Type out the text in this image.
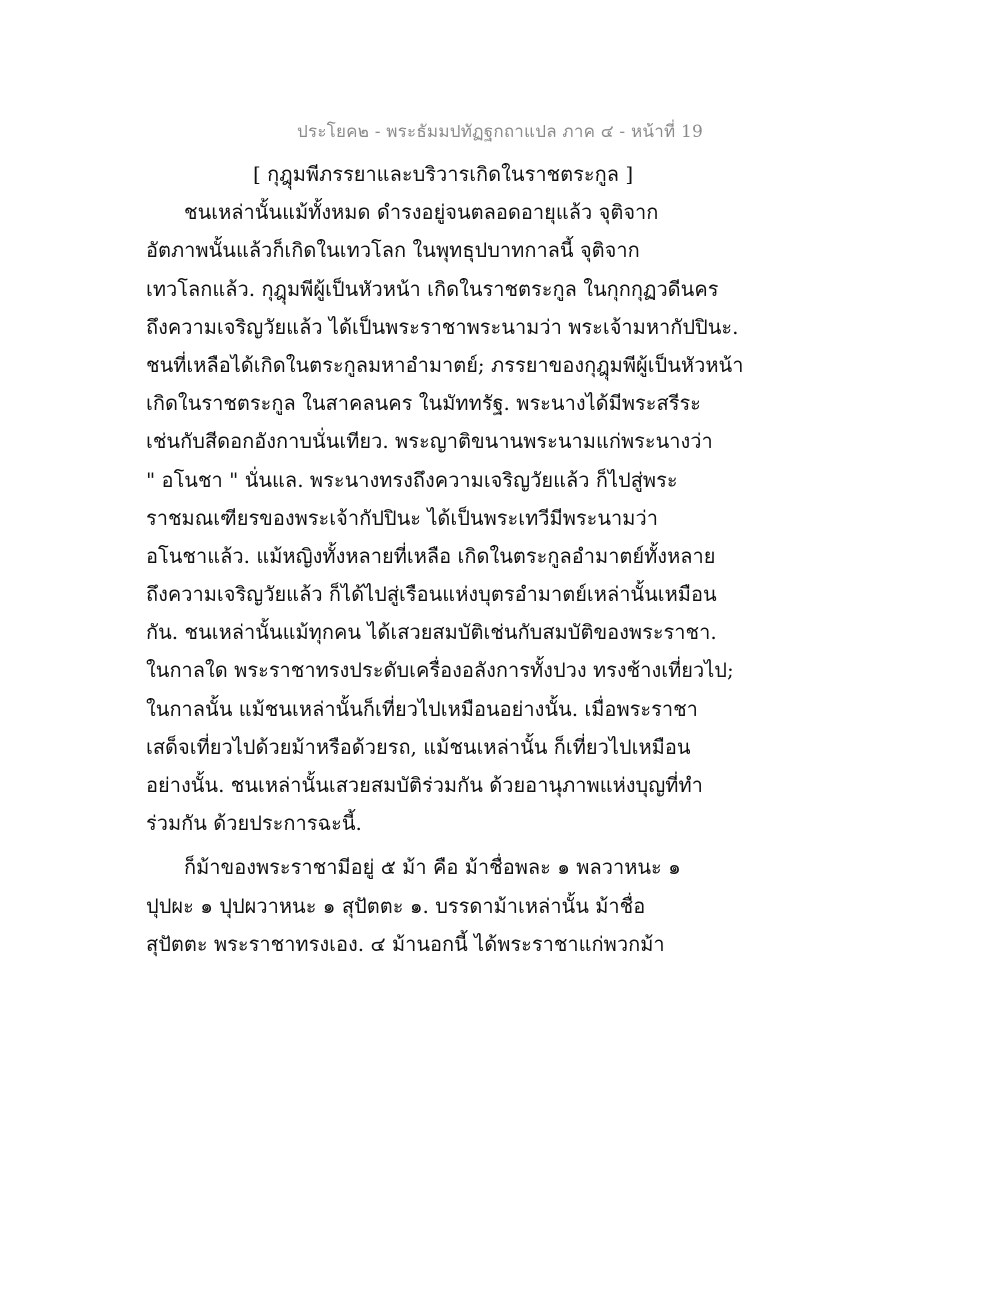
ประโยค๒ - พระธัมมปทัฏฐกถาแปล ภาค ๔ - หน้าที่ 19
[ กุฎุมพีภรรยาและบริวารเกิดในราชตระกูล ]
ชนเหล่านั้นแม้ทั้งหมด ดำรงอยู่จนตลอดอายุแล้ว จุติจาก
อัตภาพนั้นแล้วก็เกิดในเทวโลก ในพุทธุปบาทกาลนี้ จุติจาก
เทวโลกแล้ว. กุฎุมพีผู้เป็นหัวหน้า เกิดในราชตระกูล ในกุกกุฏวดีนคร
ถึงความเจริญวัยแล้ว ได้เป็นพระราชาพระนามว่า พระเจ้ามหากัปปินะ.
ชนที่เหลือได้เกิดในตระกูลมหาอำมาตย์; ภรรยาของกุฎุมพีผู้เป็นหัวหน้า
เกิดในราชตระกูล ในสาคลนคร ในมัททรัฐ. พระนางได้มีพระสรีระ
เช่นกับสีดอกอังกาบนั่นเทียว. พระญาติขนานพระนามแก่พระนางว่า
" อโนชา " นั่นแล. พระนางทรงถึงความเจริญวัยแล้ว ก็ไปสู่พระ
ราชมณเฑียรของพระเจ้ากัปปินะ ได้เป็นพระเทวีมีพระนามว่า
อโนชาแล้ว. แม้หญิงทั้งหลายที่เหลือ เกิดในตระกูลอำมาตย์ทั้งหลาย
ถึงความเจริญวัยแล้ว ก็ได้ไปสู่เรือนแห่งบุตรอำมาตย์เหล่านั้นเหมือน
กัน. ชนเหล่านั้นแม้ทุกคน ได้เสวยสมบัติเช่นกับสมบัติของพระราชา.
ในกาลใด พระราชาทรงประดับเครื่องอลังการทั้งปวง ทรงช้างเที่ยวไป;
ในกาลนั้น แม้ชนเหล่านั้นก็เที่ยวไปเหมือนอย่างนั้น. เมื่อพระราชา
เสด็จเที่ยวไปด้วยม้าหรือด้วยรถ, แม้ชนเหล่านั้น ก็เที่ยวไปเหมือน
อย่างนั้น. ชนเหล่านั้นเสวยสมบัติร่วมกัน ด้วยอานุภาพแห่งบุญที่ทำ
ร่วมกัน ด้วยประการฉะนี้.
ก็ม้าของพระราชามีอยู่ ๕ ม้า คือ ม้าชื่อพละ ๑ พลวาหนะ ๑
ปุปผะ ๑ ปุปผวาหนะ ๑ สุปัตตะ ๑. บรรดาม้าเหล่านั้น ม้าชื่อ
สุปัตตะ พระราชาทรงเอง. ๔ ม้านอกนี้ ได้พระราชาแก่พวกม้า
